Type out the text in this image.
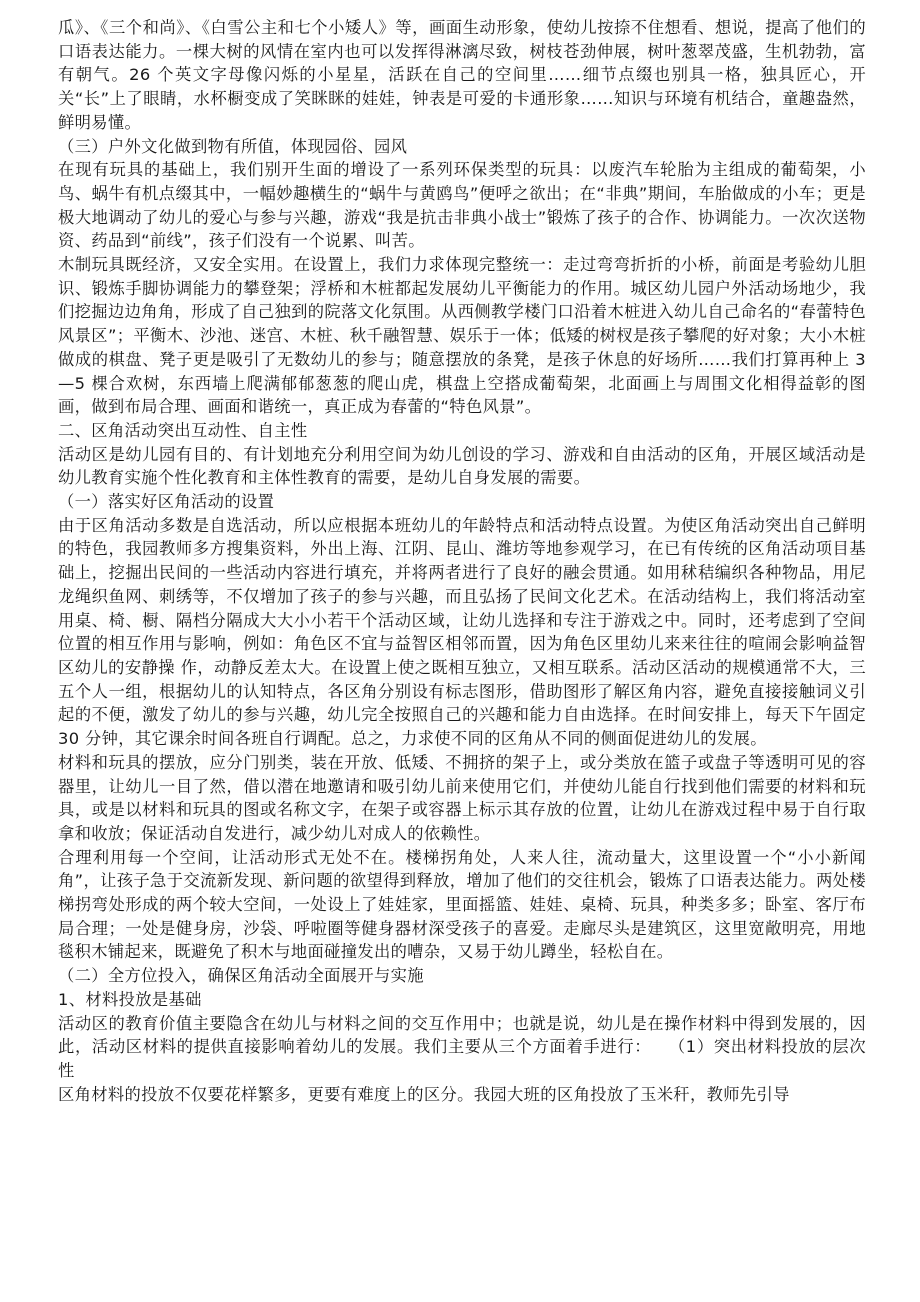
瓜》、《三个和尚》、《白雪公主和七个小矮人》等，画面生动形象，使幼儿按捺不住想看、想说，提高了他们的口语表达能力。一棵大树的风情在室内也可以发挥得淋漓尽致，树枝苍劲伸展，树叶葱翠茂盛，生机勃勃，富有朝气。26 个英文字母像闪烁的小星星，活跃在自己的空间里……细节点缀也别具一格，独具匠心，开关“长”上了眼睛，水杯橱变成了笑眯眯的娃娃，钟表是可爱的卡通形象……知识与环境有机结合，童趣盎然，鲜明易懂。

（三）户外文化做到物有所值，体现园俗、园风

在现有玩具的基础上，我们别开生面的增设了一系列环保类型的玩具：以废汽车轮胎为主组成的葡萄架，小鸟、蜗牛有机点缀其中，一幅妙趣横生的“蜗牛与黄鸥鸟”便呼之欲出；在“非典”期间，车胎做成的小车；更是极大地调动了幼儿的爱心与参与兴趣，游戏“我是抗击非典小战士”锻炼了孩子的合作、协调能力。一次次送物资、药品到“前线”，孩子们没有一个说累、叫苦。

木制玩具既经济，又安全实用。在设置上，我们力求体现完整统一：走过弯弯折折的小桥，前面是考验幼儿胆识、锻炼手脚协调能力的攀登架；浮桥和木桩都起发展幼儿平衡能力的作用。城区幼儿园户外活动场地少，我们挖掘边边角角，形成了自己独到的院落文化氛围。从西侧教学楼门口沿着木桩进入幼儿自己命名的“春蕾特色风景区”；平衡木、沙池、迷宫、木桩、秋千融智慧、娱乐于一体；低矮的树杈是孩子攀爬的好对象；大小木桩做成的棋盘、凳子更是吸引了无数幼儿的参与；随意摆放的条凳，是孩子休息的好场所……我们打算再种上 3—5 棵合欢树，东西墙上爬满郁郁葱葱的爬山虎，棋盘上空搭成葡萄架，北面画上与周围文化相得益彰的图画，做到布局合理、画面和谐统一，真正成为春蕾的“特色风景”。

二、区角活动突出互动性、自主性

活动区是幼儿园有目的、有计划地充分利用空间为幼儿创设的学习、游戏和自由活动的区角，开展区域活动是幼儿教育实施个性化教育和主体性教育的需要，是幼儿自身发展的需要。

（一）落实好区角活动的设置

由于区角活动多数是自选活动，所以应根据本班幼儿的年龄特点和活动特点设置。为使区角活动突出自己鲜明的特色，我园教师多方搜集资料，外出上海、江阴、昆山、潍坊等地参观学习，在已有传统的区角活动项目基础上，挖掘出民间的一些活动内容进行填充，并将两者进行了良好的融会贯通。如用秫秸编织各种物品，用尼龙绳织鱼网、刺绣等，不仅增加了孩子的参与兴趣，而且弘扬了民间文化艺术。在活动结构上，我们将活动室用桌、椅、橱、隔档分隔成大大小小若干个活动区域，让幼儿选择和专注于游戏之中。同时，还考虑到了空间位置的相互作用与影响，例如：角色区不宜与益智区相邻而置，因为角色区里幼儿来来往往的喧闹会影响益智区幼儿的安静操 作，动静反差太大。在设置上使之既相互独立，又相互联系。活动区活动的规模通常不大，三五个人一组，根据幼儿的认知特点，各区角分别设有标志图形，借助图形了解区角内容，避免直接接触词义引起的不便，激发了幼儿的参与兴趣，幼儿完全按照自己的兴趣和能力自由选择。在时间安排上，每天下午固定 30 分钟，其它课余时间各班自行调配。总之，力求使不同的区角从不同的侧面促进幼儿的发展。

材料和玩具的摆放，应分门别类，装在开放、低矮、不拥挤的架子上，或分类放在篮子或盘子等透明可见的容器里，让幼儿一目了然，借以潜在地邀请和吸引幼儿前来使用它们，并使幼儿能自行找到他们需要的材料和玩具，或是以材料和玩具的图或名称文字，在架子或容器上标示其存放的位置，让幼儿在游戏过程中易于自行取拿和收放；保证活动自发进行，减少幼儿对成人的依赖性。

合理利用每一个空间，让活动形式无处不在。楼梯拐角处，人来人往，流动量大，这里设置一个“小小新闻角”，让孩子急于交流新发现、新问题的欲望得到释放，增加了他们的交往机会，锻炼了口语表达能力。两处楼梯拐弯处形成的两个较大空间，一处设上了娃娃家，里面摇篮、娃娃、桌椅、玩具，种类多多；卧室、客厅布局合理；一处是健身房，沙袋、呼啦圈等健身器材深受孩子的喜爱。走廊尽头是建筑区，这里宽敞明亮，用地毯积木铺起来，既避免了积木与地面碰撞发出的嘈杂，又易于幼儿蹲坐，轻松自在。

（二）全方位投入，确保区角活动全面展开与实施

1、材料投放是基础

活动区的教育价值主要隐含在幼儿与材料之间的交互作用中；也就是说，幼儿是在操作材料中得到发展的，因此，活动区材料的提供直接影响着幼儿的发展。我们主要从三个方面着手进行：　　（1）突出材料投放的层次性

区角材料的投放不仅要花样繁多，更要有难度上的区分。我园大班的区角投放了玉米秆，教师先引导
